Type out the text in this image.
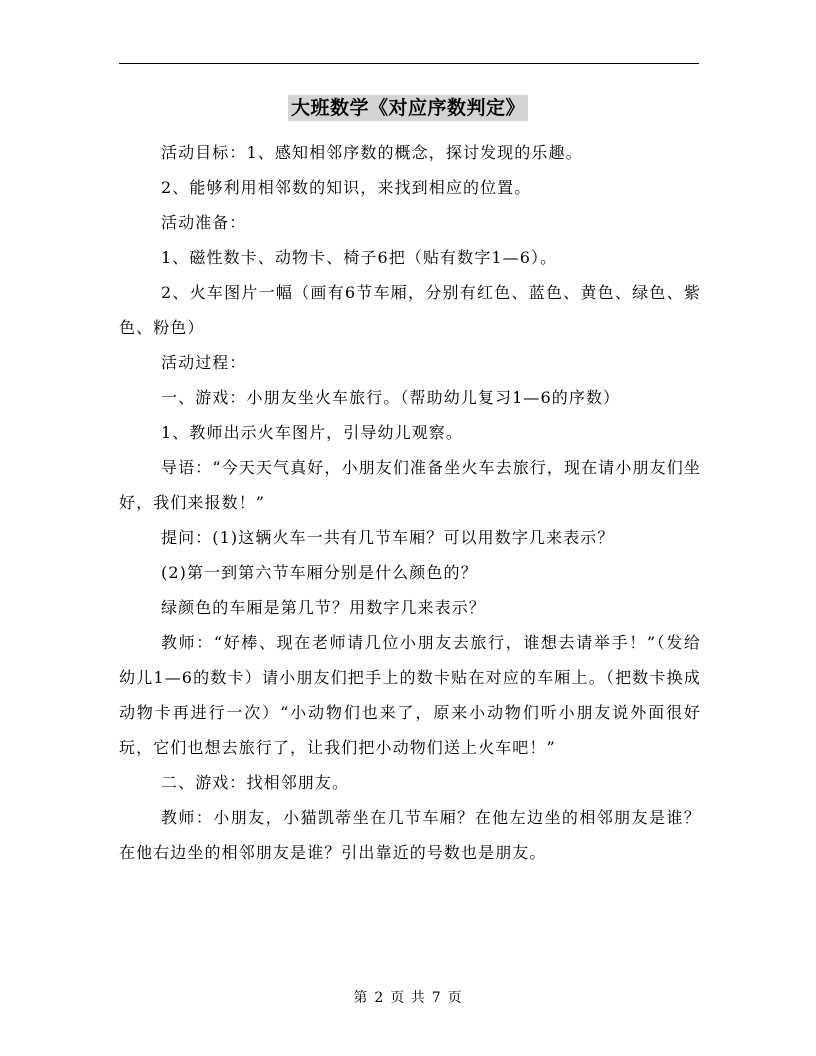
大班数学《对应序数判定》

活动目标：1、感知相邻序数的概念，探讨发现的乐趣。

2、能够利用相邻数的知识，来找到相应的位置。

活动准备：

1、磁性数卡、动物卡、椅子6把（贴有数字1—6）。

2、火车图片一幅（画有6节车厢，分别有红色、蓝色、黄色、绿色、紫色、粉色）

活动过程：

一、游戏：小朋友坐火车旅行。（帮助幼儿复习1—6的序数）

1、教师出示火车图片，引导幼儿观察。

导语：“今天天气真好，小朋友们准备坐火车去旅行，现在请小朋友们坐好，我们来报数！”

提问：(1)这辆火车一共有几节车厢？可以用数字几来表示？

(2)第一到第六节车厢分别是什么颜色的？

绿颜色的车厢是第几节？用数字几来表示？

教师：“好棒、现在老师请几位小朋友去旅行，谁想去请举手！”（发给幼儿1—6的数卡）请小朋友们把手上的数卡贴在对应的车厢上。（把数卡换成动物卡再进行一次）“小动物们也来了，原来小动物们听小朋友说外面很好玩，它们也想去旅行了，让我们把小动物们送上火车吧！”

二、游戏：找相邻朋友。

教师：小朋友，小猫凯蒂坐在几节车厢？在他左边坐的相邻朋友是谁？在他右边坐的相邻朋友是谁？引出靠近的号数也是朋友。

第 2 页 共 7 页
